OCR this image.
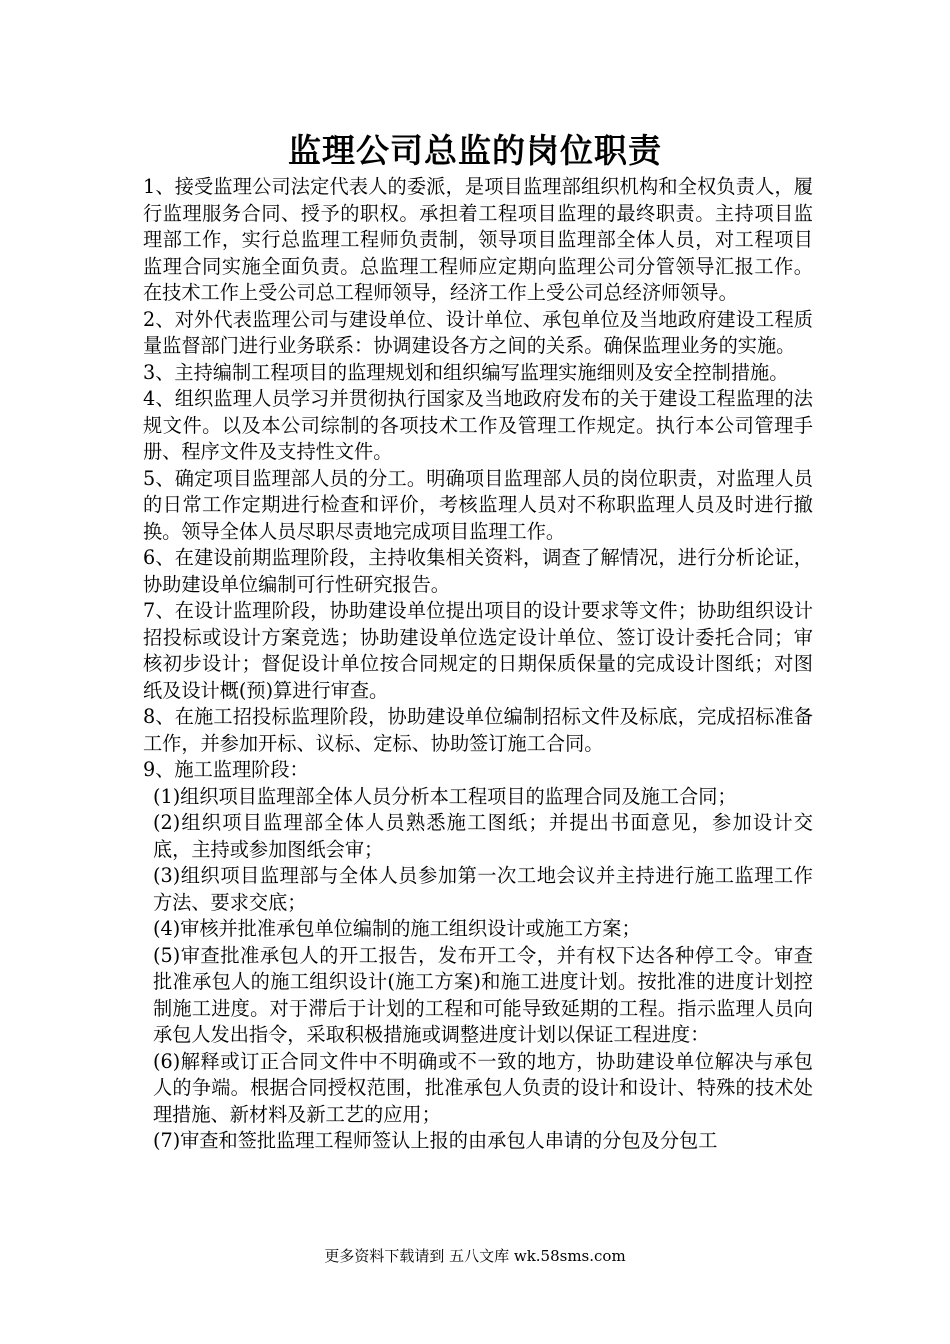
监理公司总监的岗位职责

1、接受监理公司法定代表人的委派，是项目监理部组织机构和全权负责人，履行监理服务合同、授予的职权。承担着工程项目监理的最终职责。主持项目监理部工作，实行总监理工程师负责制，领导项目监理部全体人员，对工程项目监理合同实施全面负责。总监理工程师应定期向监理公司分管领导汇报工作。在技术工作上受公司总工程师领导，经济工作上受公司总经济师领导。

2、对外代表监理公司与建设单位、设计单位、承包单位及当地政府建设工程质量监督部门进行业务联系：协调建设各方之间的关系。确保监理业务的实施。

3、主持编制工程项目的监理规划和组织编写监理实施细则及安全控制措施。

4、组织监理人员学习并贯彻执行国家及当地政府发布的关于建设工程监理的法规文件。以及本公司综制的各项技术工作及管理工作规定。执行本公司管理手册、程序文件及支持性文件。

5、确定项目监理部人员的分工。明确项目监理部人员的岗位职责，对监理人员的日常工作定期进行检查和评价，考核监理人员对不称职监理人员及时进行撤换。领导全体人员尽职尽责地完成项目监理工作。

6、在建设前期监理阶段，主持收集相关资料，调查了解情况，进行分析论证，协助建设单位编制可行性研究报告。

7、在设计监理阶段，协助建设单位提出项目的设计要求等文件；协助组织设计招投标或设计方案竞选；协助建设单位选定设计单位、签订设计委托合同；审核初步设计；督促设计单位按合同规定的日期保质保量的完成设计图纸；对图纸及设计概(预)算进行审查。

8、在施工招投标监理阶段，协助建设单位编制招标文件及标底，完成招标准备工作，并参加开标、议标、定标、协助签订施工合同。

9、施工监理阶段：

(1)组织项目监理部全体人员分析本工程项目的监理合同及施工合同；

(2)组织项目监理部全体人员熟悉施工图纸；并提出书面意见，参加设计交底，主持或参加图纸会审；

(3)组织项目监理部与全体人员参加第一次工地会议并主持进行施工监理工作方法、要求交底；

(4)审核并批准承包单位编制的施工组织设计或施工方案；

(5)审查批准承包人的开工报告，发布开工令，并有权下达各种停工令。审查批准承包人的施工组织设计(施工方案)和施工进度计划。按批准的进度计划控制施工进度。对于滞后于计划的工程和可能导致延期的工程。指示监理人员向承包人发出指令，采取积极措施或调整进度计划以保证工程进度：

(6)解释或订正合同文件中不明确或不一致的地方，协助建设单位解决与承包人的争端。根据合同授权范围，批准承包人负责的设计和设计、特殊的技术处理措施、新材料及新工艺的应用；

(7)审查和签批监理工程师签认上报的由承包人串请的分包及分包工

更多资料下载请到 五八文库 wk.58sms.com
